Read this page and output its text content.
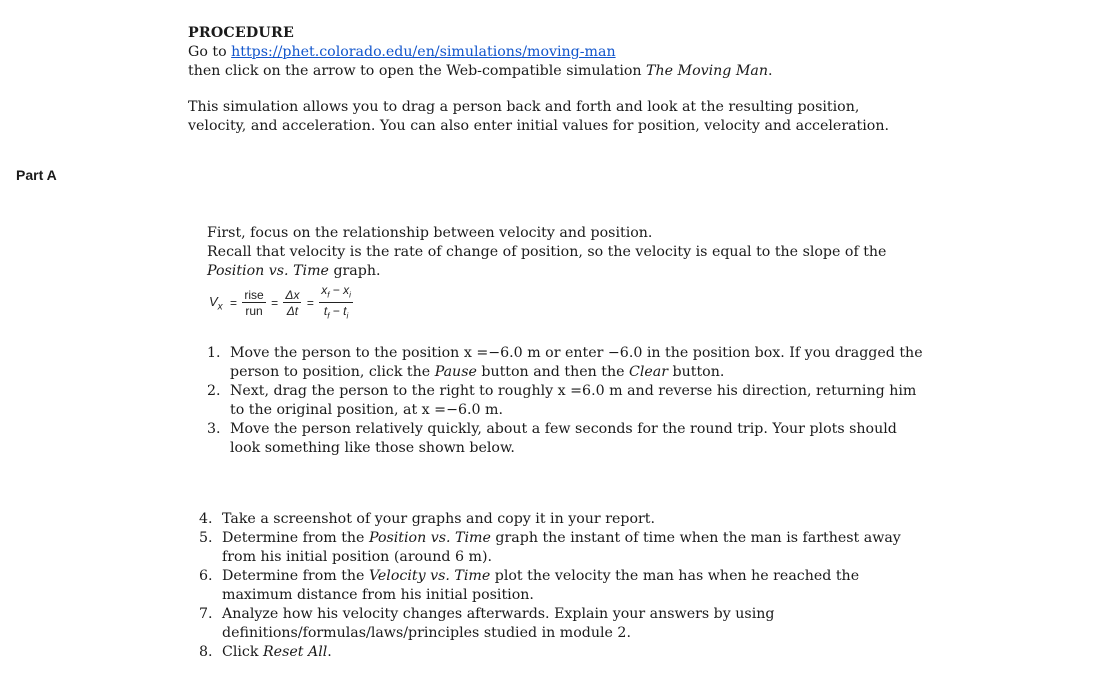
PROCEDURE

Go to https://phet.colorado.edu/en/simulations/moving-man

then click on the arrow to open the Web-compatible simulation The Moving Man.

This simulation allows you to drag a person back and forth and look at the resulting position,

velocity, and acceleration. You can also enter initial values for position, velocity and acceleration.

Part A

First, focus on the relationship between velocity and position.

Recall that velocity is the rate of change of position, so the velocity is equal to the slope of the

Position vs. Time graph.

$V_x = \frac{\text{rise}}{\text{run}} = \frac{\Delta x}{\Delta t} = \frac{x_f - x_i}{t_f - t_i}$
1. Move the person to the position x =−6.0 m or enter −6.0 in the position box. If you dragged the

person to position, click the Pause button and then the Clear button.

2. Next, drag the person to the right to roughly x =6.0 m and reverse his direction, returning him

to the original position, at x =−6.0 m.

3. Move the person relatively quickly, about a few seconds for the round trip. Your plots should

look something like those shown below.

4. Take a screenshot of your graphs and copy it in your report.

5. Determine from the Position vs. Time graph the instant of time when the man is farthest away

from his initial position (around 6 m).

6. Determine from the Velocity vs. Time plot the velocity the man has when he reached the

maximum distance from his initial position.

7. Analyze how his velocity changes afterwards. Explain your answers by using

definitions/formulas/laws/principles studied in module 2.

8. Click Reset All.
